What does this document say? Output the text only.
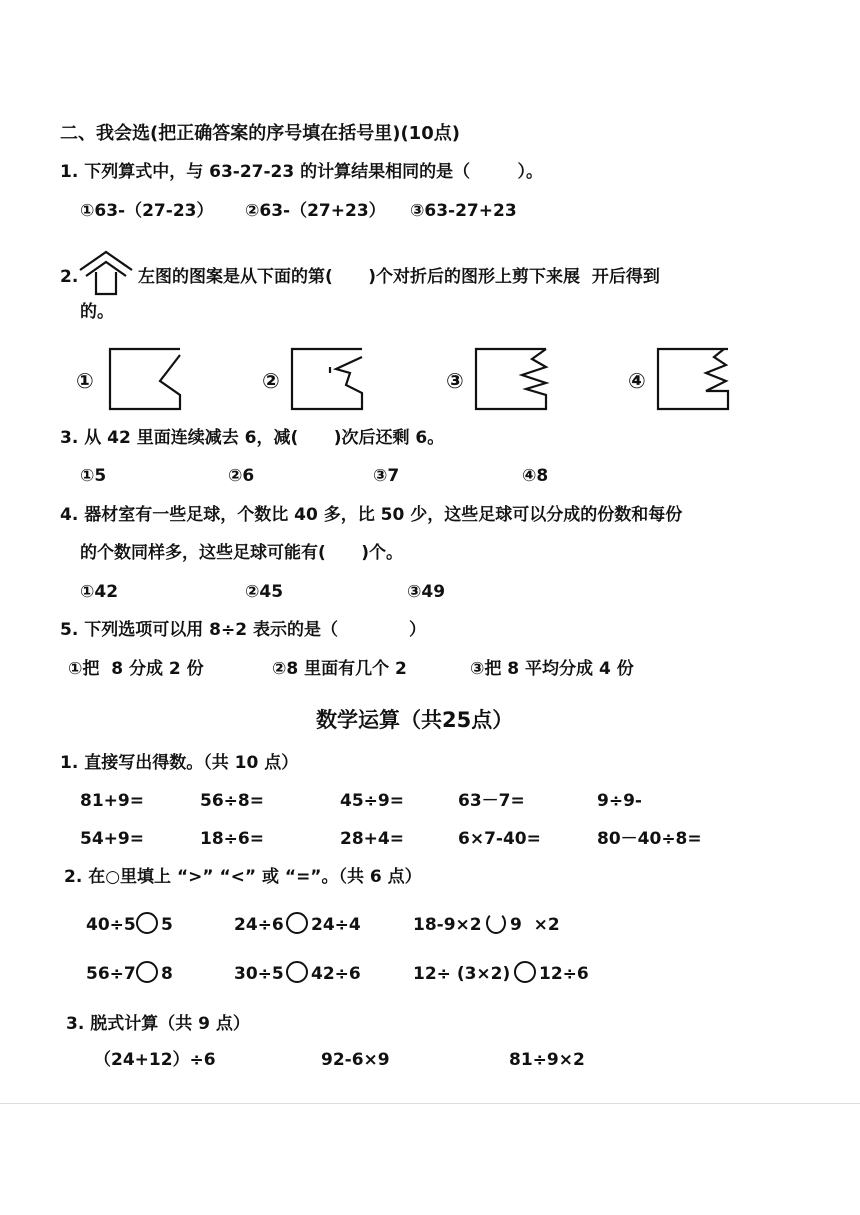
二、我会选(把正确答案的序号填在括号里)(10点)
1. 下列算式中，与 63-27-23 的计算结果相同的是（        ）。
①63-（27-23） ②63-（27+23） ③63-27+23
2.	左图的图案是从下面的第(      )个对折后的图形上剪下来展  开后得到
的。
①	②	③	④
3. 从 42 里面连续减去 6，减(      )次后还剩 6。
①5	②6	③7	④8
4. 器材室有一些足球，个数比 40 多，比 50 少，这些足球可以分成的份数和每份
的个数同样多，这些足球可能有(      )个。
①42	②45	③49
5. 下列选项可以用 8÷2 表示的是（            ）
①把  8 分成 2 份	②8 里面有几个 2	③把 8 平均分成 4 份
数学运算（共25点）
1. 直接写出得数。（共 10 点）
81+9=	56÷8=	45÷9=	63－7=	9÷9-
54+9=	18÷6=	28+4=	6×7-40=	80－40÷8=
2. 在○里填上 “>” “<” 或 “=”。（共 6 点）
40÷5 5	24÷6 24÷4	18-9×2 9  ×2
56÷7 8	30÷5 42÷6	12÷ (3×2) 12÷6
3. 脱式计算（共 9 点）
（24+12）÷6	92-6×9	81÷9×2
